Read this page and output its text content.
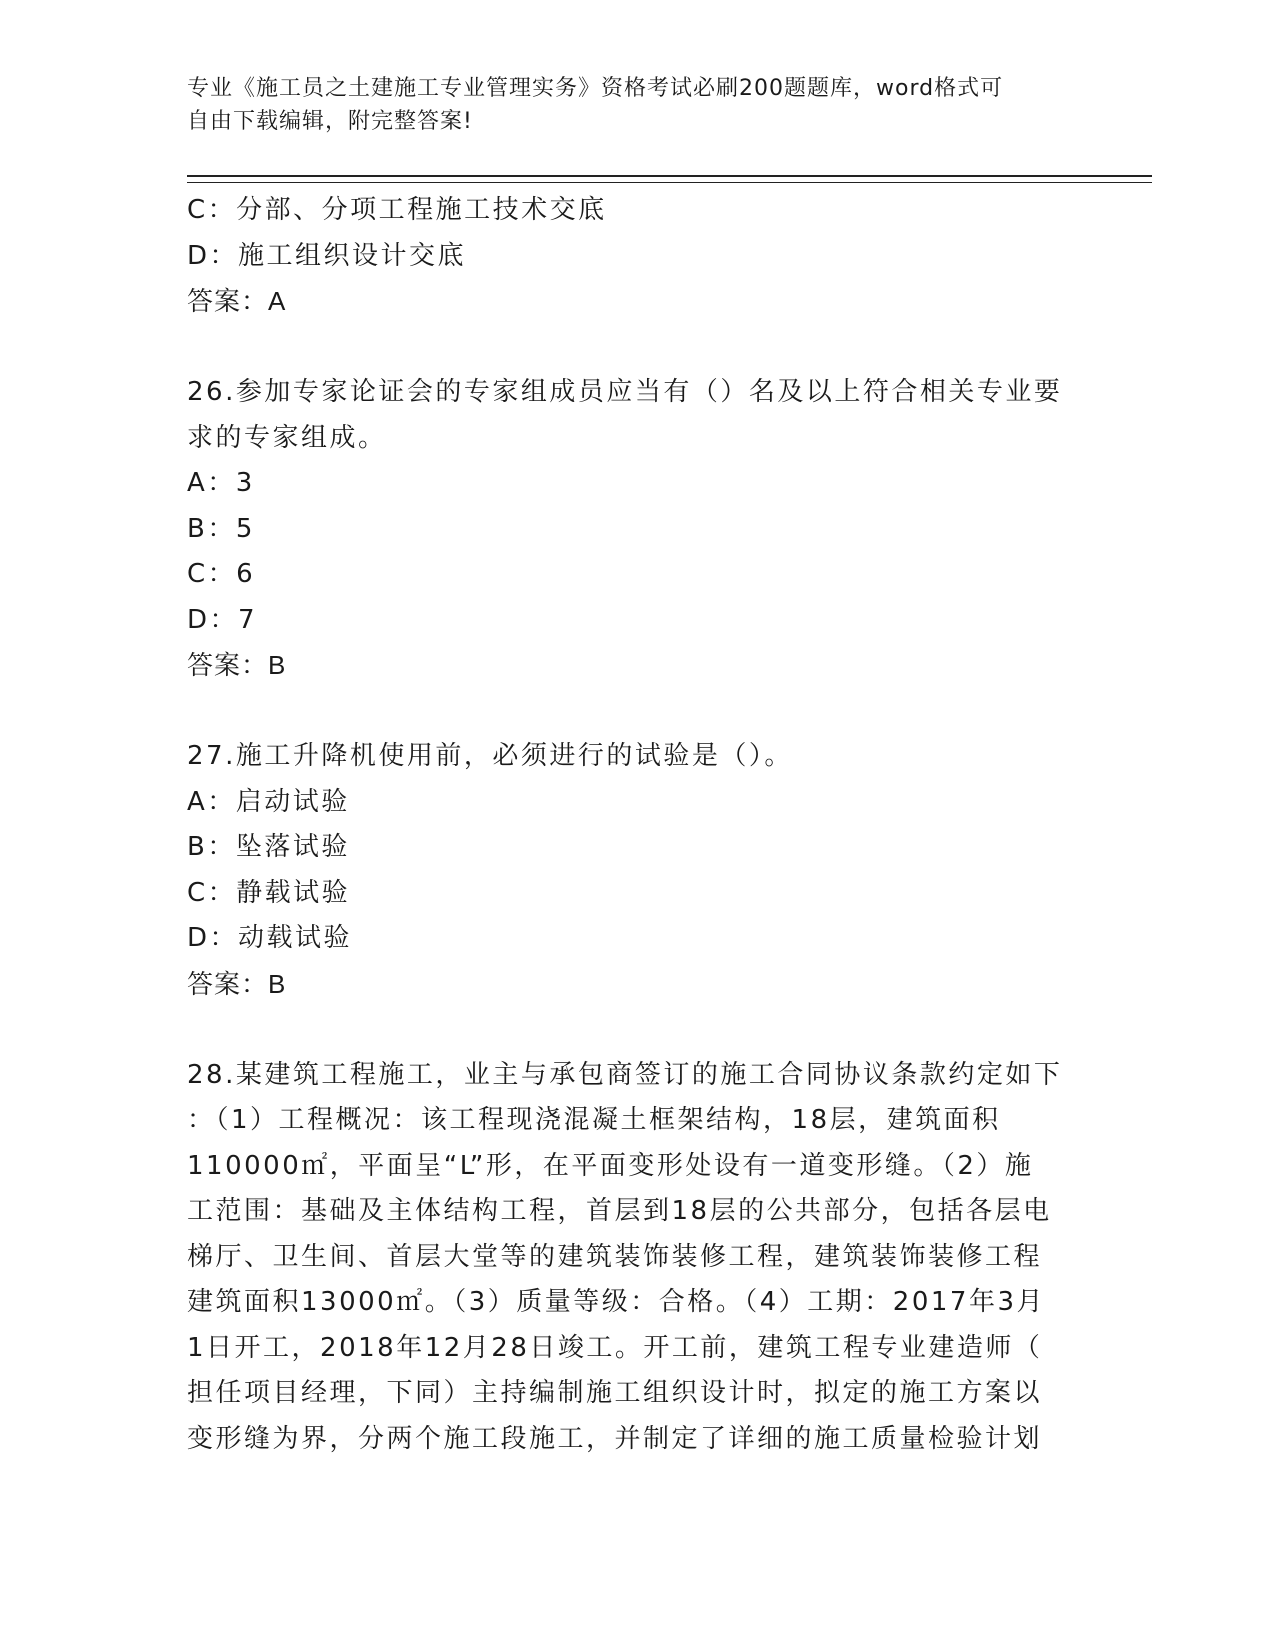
专业《施工员之土建施工专业管理实务》资格考试必刷200题题库，word格式可
自由下载编辑，附完整答案!
C：分部、分项工程施工技术交底
D：施工组织设计交底
答案：A
26.参加专家论证会的专家组成员应当有（）名及以上符合相关专业要
求的专家组成。
A：3
B：5
C：6
D：7
答案：B
27.施工升降机使用前，必须进行的试验是（）。
A：启动试验
B：坠落试验
C：静载试验
D：动载试验
答案：B
28.某建筑工程施工，业主与承包商签订的施工合同协议条款约定如下
：（1）工程概况：该工程现浇混凝土框架结构，18层，建筑面积
110000㎡，平面呈“L”形，在平面变形处设有一道变形缝。（2）施
工范围：基础及主体结构工程，首层到18层的公共部分，包括各层电
梯厅、卫生间、首层大堂等的建筑装饰装修工程，建筑装饰装修工程
建筑面积13000㎡。（3）质量等级：合格。（4）工期：2017年3月
1日开工，2018年12月28日竣工。开工前，建筑工程专业建造师（
担任项目经理，下同）主持编制施工组织设计时，拟定的施工方案以
变形缝为界，分两个施工段施工，并制定了详细的施工质量检验计划
